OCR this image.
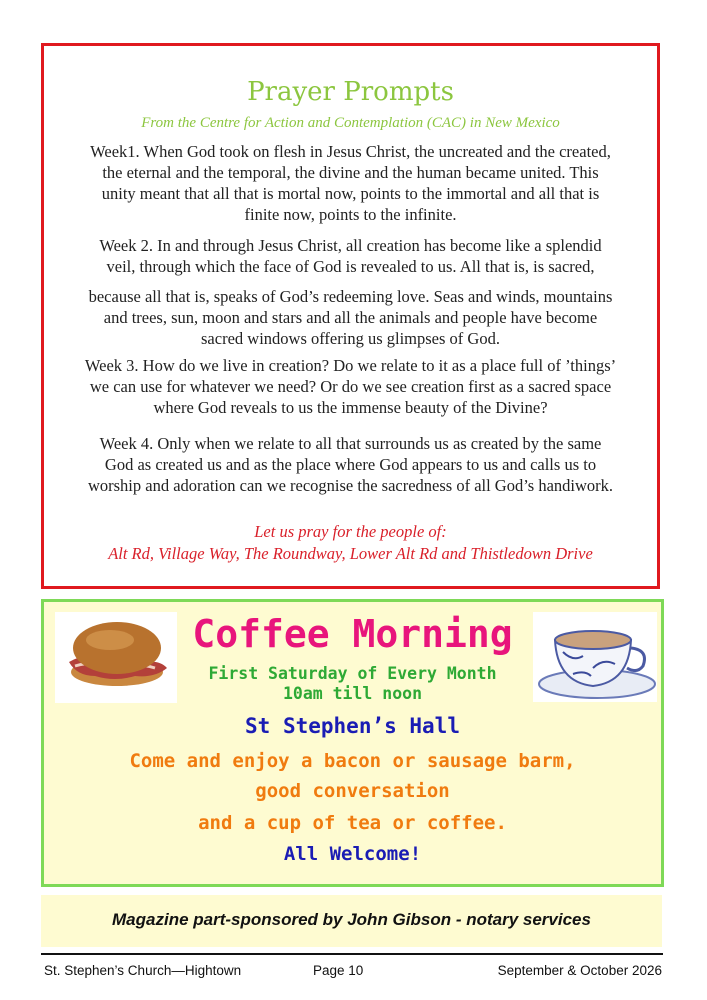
Prayer Prompts
From the Centre for Action and Contemplation (CAC) in New Mexico
Week1. When God took on flesh in Jesus Christ, the uncreated and the created,
the eternal and the temporal, the divine and the human became united. This
unity meant that all that is mortal now, points to the immortal and all that is
finite now, points to the infinite.
Week 2. In and through Jesus Christ, all creation has become like a splendid
veil, through which the face of God is revealed to us. All that is, is sacred,
because all that is, speaks of God’s redeeming love. Seas and winds, mountains
and trees, sun, moon and stars and all the animals and people have become
sacred windows offering us glimpses of God.
Week 3. How do we live in creation? Do we relate to it as a place full of ’things’
we can use for whatever we need? Or do we see creation first as a sacred space
where God reveals to us the immense beauty of the Divine?
Week 4. Only when we relate to all that surrounds us as created by the same
God as created us and as the place where God appears to us and calls us to
worship and adoration can we recognise the sacredness of all God’s handiwork.
Let us pray for the people of:
Alt Rd, Village Way, The Roundway, Lower Alt Rd and Thistledown Drive
Coffee Morning
First Saturday of Every Month
10am till noon
St Stephen’s Hall
Come and enjoy a bacon or sausage barm,
good conversation
and a cup of tea or coffee.
All Welcome!
Magazine part-sponsored by John Gibson - notary services
St. Stephen’s Church—Hightown	Page 10	September & October 2026
